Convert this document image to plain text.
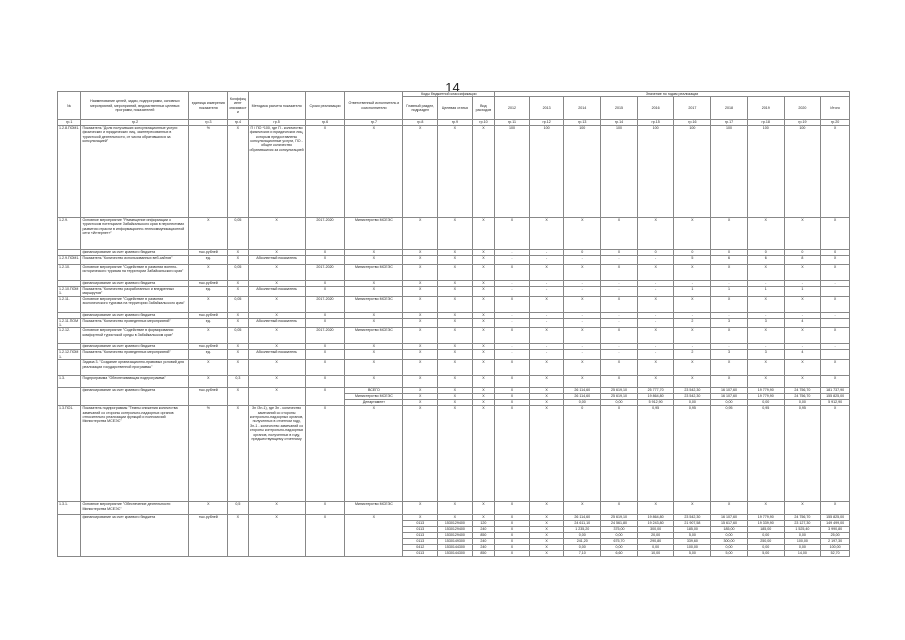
14
№	Наименование целей, задач, подпрограмм, основных мероприятий, мероприятий, ведомственных целевых программ, показателей	единица измерения показателя	Коэффициент значимости	Методика расчета показателя	Сроки реализации	Ответственный исполнитель и соисполнители	Коды бюджетной классификации			Значение по годам реализации									
							Главный раздел, подраздел	Целевая статья	Вид расходов	2012	2013	2014	2015	2016	2017	2018	2019	2020	Итого
гр.1	гр.2	гр.3	гр.4	гр.5	гр.6	гр.7	гр.8	гр.9	гр.10	гр.11	гр.12	гр.13	гр.14	гр.15	гр.16	гр.17	гр.18	гр.19	гр.20
1.2.8.ПОМ1.	Показатель "Доля получивших консультационные услуги физических и юридических лиц, заинтересованных в туристской деятельности, от числа обратившихся за консультацией"	%	X	П / ПО *100, где П - количество физических и юридических лиц, которым предоставлены консультационные услуги, ПО - общее количество обратившихся за консультацией	X	X	X	X	X	100	100	100	100	100	100	100	100	100	X
1.2.9.	Основное мероприятие "Размещение информации о туристском потенциале Забайкальского края в перспективах развития отрасли в информационно-телекоммуникационной сети «Интернет»"	X	0,05	X	2017-2020	Министерство МСЕЭС	X	X	X	X	X	X	X	X	X	X	X	X	X
	финансирование за счет краевого бюджета	тыс.рублей	X	X	X	X	X	X	X	-	-	0	0	0	0	0	0	0	0
1.2.9.ПОМ1.	Показатель "Количество использованных веб-сайтов"	ед.	X	Абсолютный показатель	X	X	X	X	X	-	-	-	-	-	5	6	6	8	X
1.2.10.	Основное мероприятие "Содействие в развитии военно-исторического туризма на территории Забайкальского края"	X	0,05	X	2017-2020	Министерство МСЕЭС	X	X	X	X	X	X	X	X	X	X	X	X	X
	финансирование за счет краевого бюджета	тыс.рублей	X	X	X	X	X	X	X	-	-	-	-	-	-	-	-	-	-
1.2.10.ПОМ1.	Показатель "Количество разработанных и внедренных маршрутов"	ед.	X	Абсолютный показатель	X	X	X	X	X	-	-	-	-	-	1	1	1	1	
1.2.11.	Основное мероприятие "Содействие в развитии экологического туризма на территории Забайкальского края"	X	0,05	X	2017-2020	Министерство МСЕЭС	X	X	X	X	X	X	X	X	X	X	X	X	X
	финансирование за счет краевого бюджета	тыс.рублей	X	X	X	X	X	X	X	-	-	-	-	-	-	-	-	-	-
1.2.11.ПОМ1.	Показатель "Количество проведенных мероприятий"	ед.	X	Абсолютный показатель	X	X	X	X	X	-	-	-	-	-	2	3	3	4	
1.2.12.	Основное мероприятие "Содействие в формировании комфортной туристской среды в Забайкальском крае"	X	0,05	X	2017-2020	Министерство МСЕЭС	X	X	X	X	X	X	X	X	X	X	X	X	X
	финансирование за счет краевого бюджета	тыс.рублей	X	X	X	X	X	X	X	-	-	-	-	-	-	-	-	-	-
1.2.12.ПОМ1.	Показатель "Количество проведенных мероприятий"	ед.	X	Абсолютный показатель	X	X	X	X	X	-	-	-	-	-	2	3	3	4	
	Задача 3. "Создание организационно-правовых условий для реализации государственной программы"	X	X	X	X	X	X	X	X	X	X	X	X	X	X	X	X	X	X
1.3.	Подпрограмма "Обеспечивающая подпрограмма"	X	0,3	X	X	X	X	X	X	X	X	X	X	X	X	X	X	X	X
	финансирование за счет краевого бюджета	тыс.рублей	X	X	X	ВСЕГО	X	X	X	X	X	26 114,60	25 619,10	25 777,70	23 542,30	16 107,60	19 779,90	24 756,70	181 737,90
						Министерство МСЕЭС	X	X	X	X	X	26 114,60	25 619,10	19 864,80	23 542,30	16 107,60	19 779,90	24 756,70	155 825,00
						Департамент	X	X	X	X	X	0,00	0,00	5 912,90	0,00	0,00	0,00	0,00	5 912,90
1.3.ПО1.	Показатель подпрограммы "Темпы снижения количества замечаний со стороны контрольно-надзорных органов относительно реализации функций и полномочий Министерства МСЕЭС"	%	X	Зn /Зn-1), где Зn - количество замечаний со стороны контрольно-надзорных органов, полученных в отчетном году, Зn-1 - количество замечаний со стороны контрольно-надзорных органов, полученных в году, предшествующему отчетному	X	X	X	X	X	X	X	0	0	0,95	0,95	0,95	0,95	0,95	X
1.3.1.	Основное мероприятие "Обеспечение деятельности Министерства МСЕЭС"	X	0,5	X	X	Министерство МСЕЭС	X	X	X	X	X	X	X	X	X	X	X	X	X
	финансирование за счет краевого бюджета	тыс.рублей	X	X	X	X	X	X	X	X	X	26 114,60	25 619,10	19 864,80	23 542,30	16 107,60	19 779,90	24 756,70	155 825,00
							0113	1530129400	120	X	X	24 611,10	24 561,80	19 243,80	21 907,58	15 617,60	19 339,90	23 127,30	149 499,00
							0113	1530129400	240	X	X	1 235,20	375,00	300,00	185,00	185,00	185,00	1 525,40	3 990,80
							0113	1530129400	850	X	X	0,00	0,00	20,00	5,00	0,00	0,00	0,00	25,00
							0113	1530149300	240	X	X	241,20	675,70	290,80	339,60	300,00	250,00	100,00	2 197,30
							0412	1530144300	240	X	X	0,00	0,00	0,00	100,00	0,00	0,00	0,00	100,00
							0113	1530144300	850	X	X	7,10	6,60	10,00	5,00	5,00	5,00	14,00	52,70
